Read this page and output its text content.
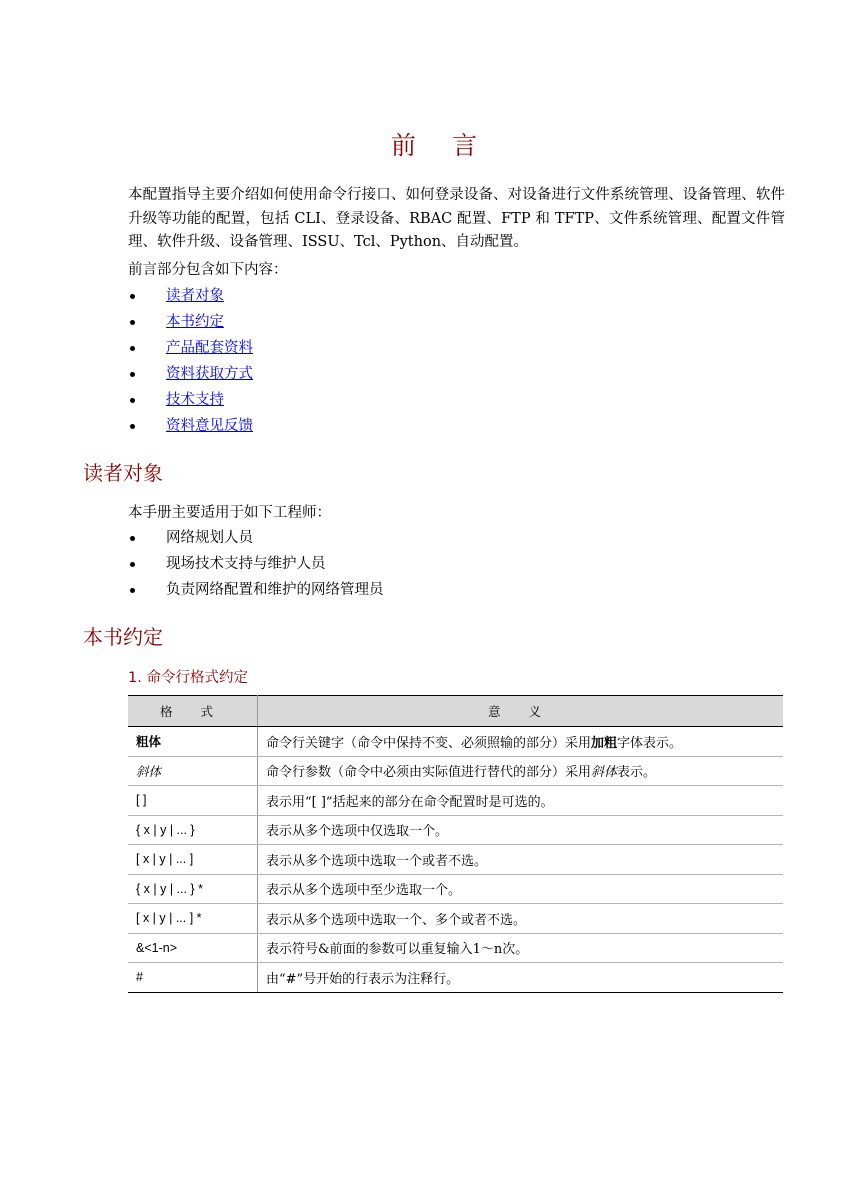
前 言
本配置指导主要介绍如何使用命令行接口、如何登录设备、对设备进行文件系统管理、设备管理、软件升级等功能的配置，包括 CLI、登录设备、RBAC 配置、FTP 和 TFTP、文件系统管理、配置文件管理、软件升级、设备管理、ISSU、Tcl、Python、自动配置。
前言部分包含如下内容：
读者对象
本书约定
产品配套资料
资料获取方式
技术支持
资料意见反馈
读者对象
本手册主要适用于如下工程师：
网络规划人员
现场技术支持与维护人员
负责网络配置和维护的网络管理员
本书约定
1. 命令行格式约定
格 式	意 义
粗体	命令行关键字（命令中保持不变、必须照输的部分）采用加粗字体表示。
斜体	命令行参数（命令中必须由实际值进行替代的部分）采用斜体表示。
[ ]	表示用“[ ]”括起来的部分在命令配置时是可选的。
{ x | y | ... }	表示从多个选项中仅选取一个。
[ x | y | ... ]	表示从多个选项中选取一个或者不选。
{ x | y | ... } *	表示从多个选项中至少选取一个。
[ x | y | ... ] *	表示从多个选项中选取一个、多个或者不选。
&<1-n>	表示符号&前面的参数可以重复输入1～n次。
#	由“#”号开始的行表示为注释行。
